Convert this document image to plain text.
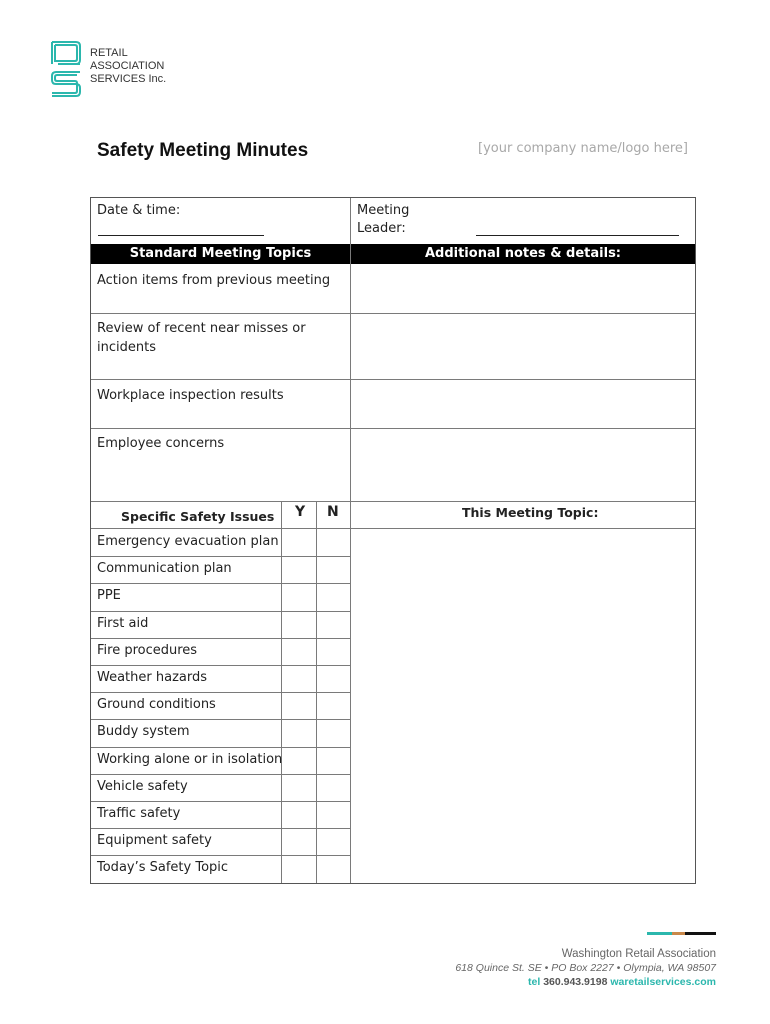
RETAIL
ASSOCIATION
SERVICES Inc.
Safety Meeting Minutes	[your company name/logo here]
Date & time:	Meeting
Leader:
Standard Meeting Topics	Additional notes & details:
Action items from previous meeting
Review of recent near misses or
incidents
Workplace inspection results
Employee concerns
Specific Safety Issues Y N	This Meeting Topic:
Emergency evacuation plan
Communication plan
PPE
First aid
Fire procedures
Weather hazards
Ground conditions
Buddy system
Working alone or in isolation
Vehicle safety
Traffic safety
Equipment safety
Today’s Safety Topic
Washington Retail Association
618 Quince St. SE • PO Box 2227 • Olympia, WA 98507
tel 360.943.9198 waretailservices.com
